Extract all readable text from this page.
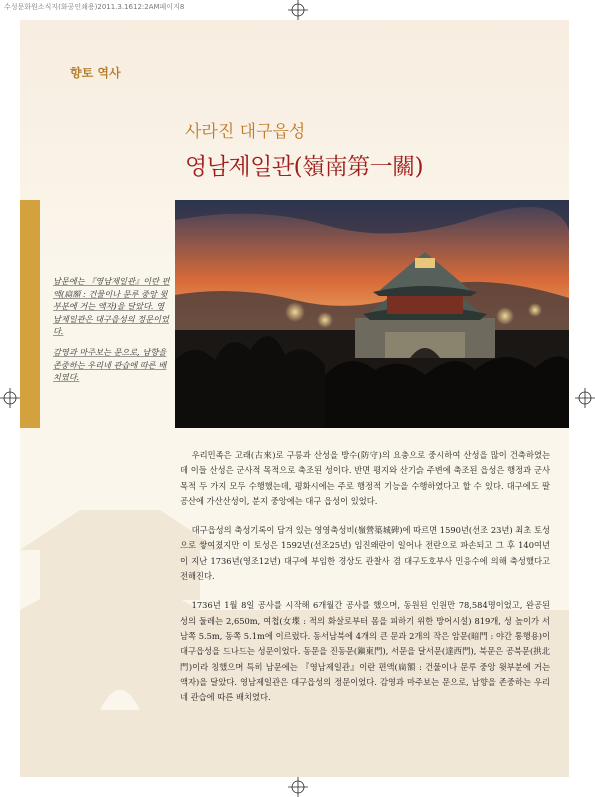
수성문화원소식지(화공인쇄용)2011.3.1612:2AM페이지8
향토 역사
사라진 대구읍성
영남제일관(嶺南第一關)

남문에는 『영남제일관』이란 편액(扁額 : 건물이나 문루 중앙 윗부분에 거는 액자)을 달았다. 영남제일관은 대구읍성의 정문이었다.

감영과 마주보는 문으로, 남향을 존중하는 우리네 관습에 따른 배치였다.

우리민족은 고래(古來)로 구릉과 산성을 방수(防守)의 요충으로 중시하여 산성을 많이 건축하였는데 이들 산성은 군사적 목적으로 축조된 성이다. 반면 평지와 산기슭 주변에 축조된 읍성은 행정과 군사목적 두 가지 모두 수행했는데, 평화시에는 주로 행정적 기능을 수행하였다고 할 수 있다. 대구에도 팔공산에 가산산성이, 분지 중앙에는 대구 읍성이 있었다.

대구읍성의 축성기록이 담겨 있는 영영축성비(嶺營築城碑)에 따르면 1590년(선조 23년) 최초 토성으로 쌓여졌지만 이 토성은 1592년(선조25년) 임진왜란이 일어나 전란으로 파손되고 그 후 140여년이 지난 1736년(영조12년) 대구에 부임한 경상도 관찰사 겸 대구도호부사 민응수에 의해 축성했다고 전해진다.

1736년 1월 8일 공사를 시작해 6개월간 공사를 했으며, 동원된 인원만 78,584명이었고, 완공된 성의 둘레는 2,650m, 여첩(女堞 : 적의 화살로부터 몸을 피하기 위한 방어시설) 819개, 성 높이가 서남쪽 5.5m, 동쪽 5.1m에 이르렀다. 동서남북에 4개의 큰 문과 2개의 작은 암문(暗門 : 야간 통행용)이 대구읍성을 드나드는 성문이었다. 동문을 진동문(鎭東門), 서문을 달서문(達西門), 북문은 공북문(拱北門)이라 칭했으며 특히 남문에는 『영남제일관』이란 편액(扁額 : 건물이나 문루 중앙 윗부분에 거는 액자)을 달았다. 영남제일관은 대구읍성의 정문이었다. 감영과 마주보는 문으로, 남향을 존중하는 우리네 관습에 따른 배치였다.
